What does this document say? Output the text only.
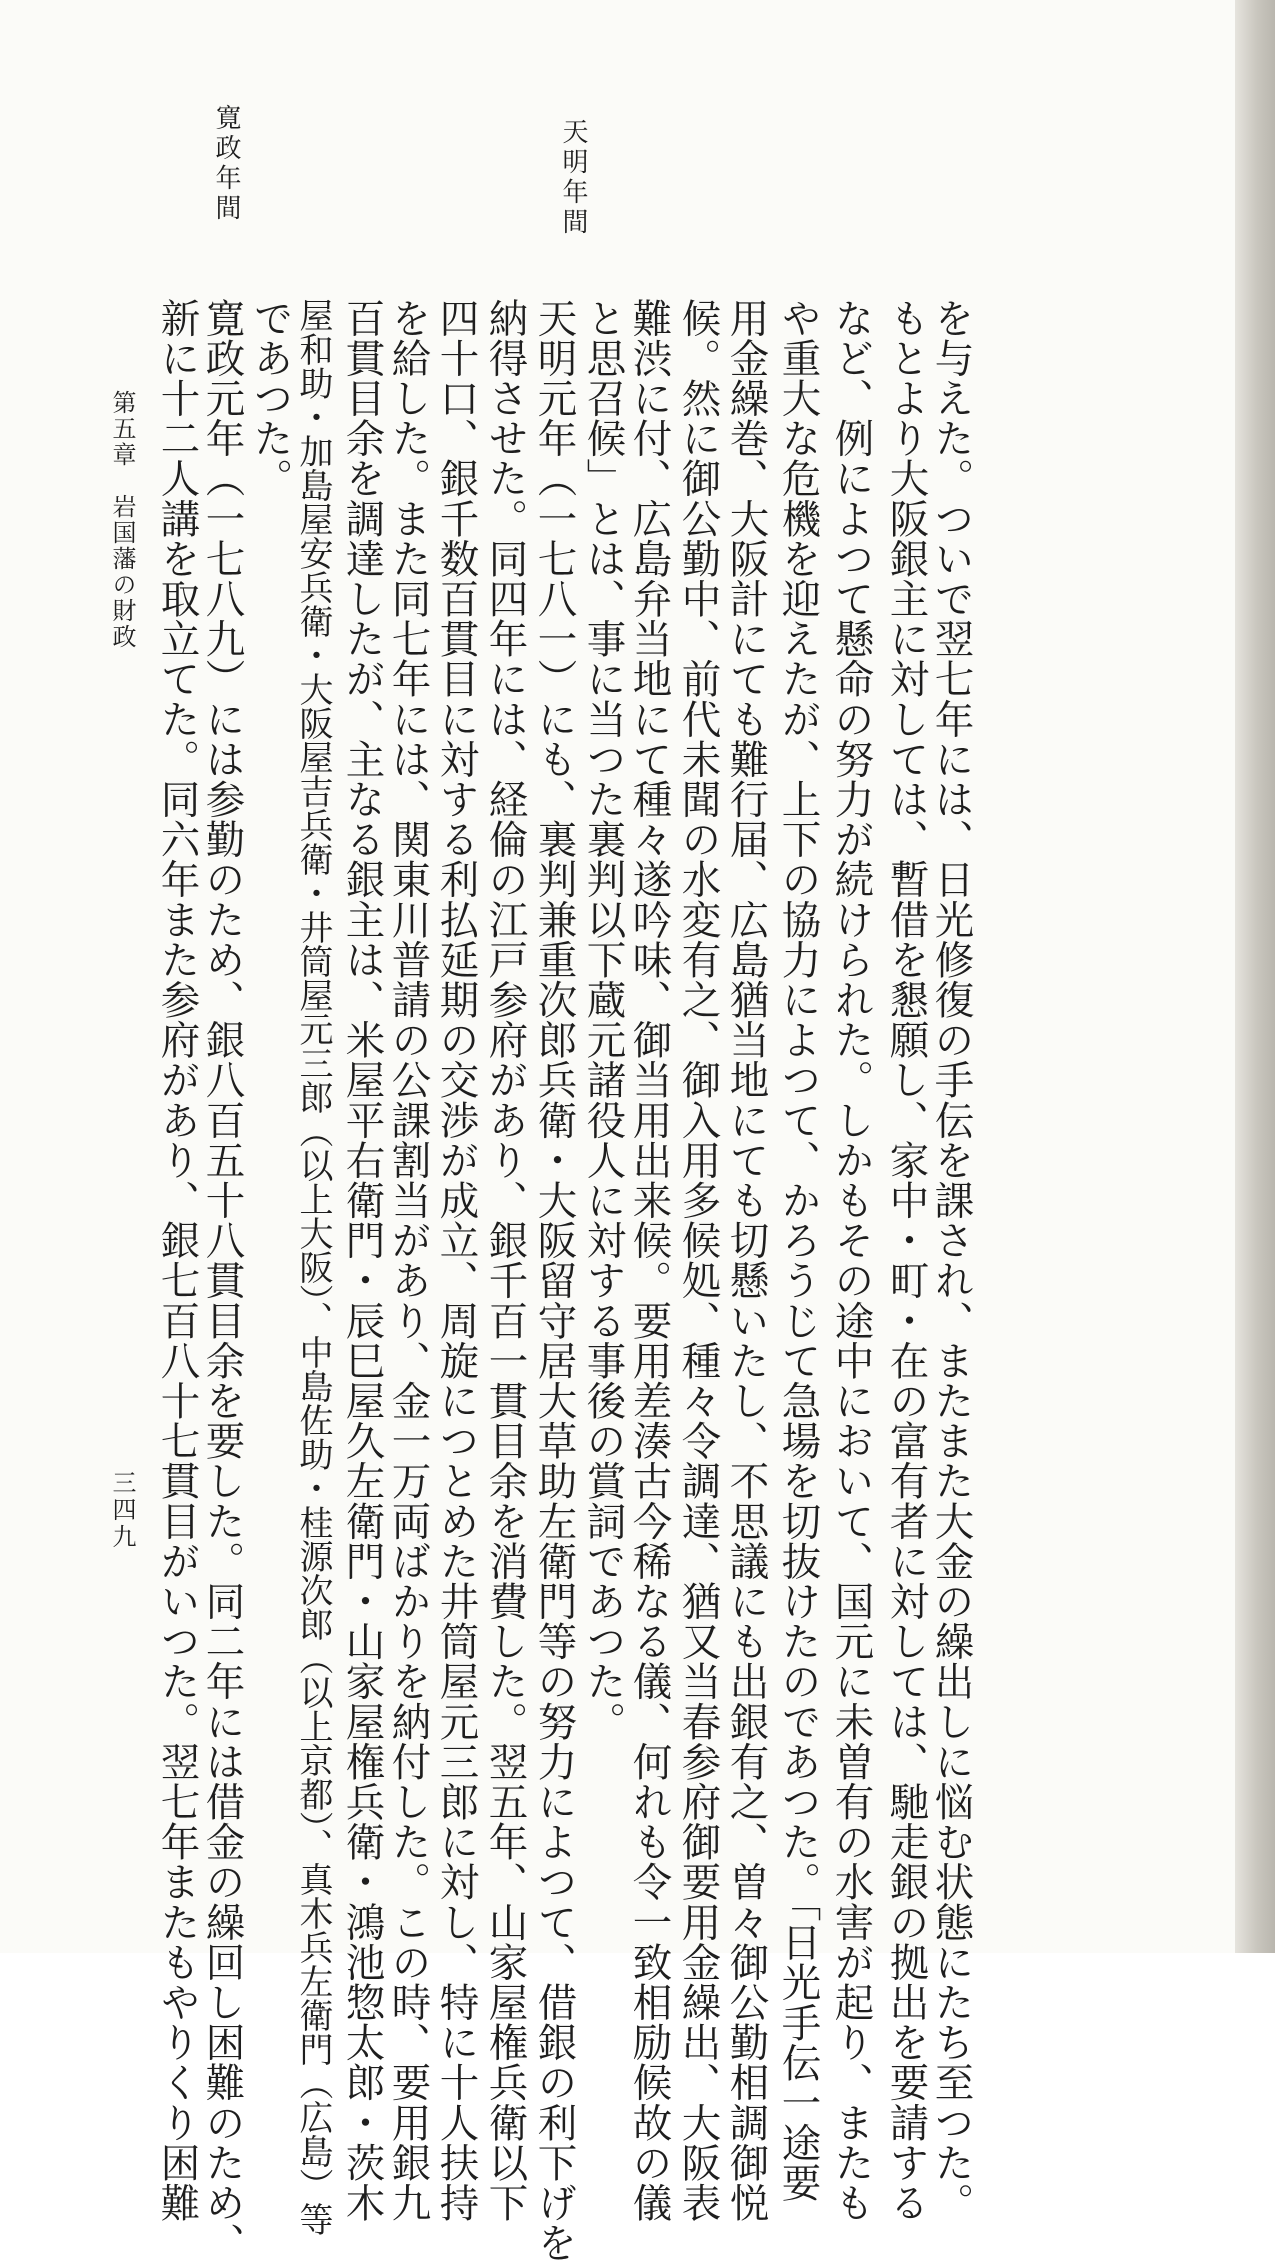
天明年間
寛政年間
を与えた。ついで翌七年には、日光修復の手伝を課され、またまた大金の繰出しに悩む状態にたち至つた。
もとより大阪銀主に対しては、暫借を懇願し、家中・町・在の富有者に対しては、馳走銀の拠出を要請する
など、例によつて懸命の努力が続けられた。しかもその途中において、国元に未曽有の水害が起り、またも
や重大な危機を迎えたが、上下の協力によつて、かろうじて急場を切抜けたのであつた。「日光手伝一途要
用金繰巻、大阪計にても難行届、広島猶当地にても切懸いたし、不思議にも出銀有之、曽々御公勤相調御悦
候。然に御公勤中、前代未聞の水変有之、御入用多候処、種々令調達、猶又当春参府御要用金繰出、大阪表
難渋に付、広島弁当地にて種々遂吟味、御当用出来候。要用差湊古今稀なる儀、何れも令一致相励候故の儀
と思召候」とは、事に当つた裏判以下蔵元諸役人に対する事後の賞詞であつた。
天明元年（一七八一）にも、裏判兼重次郎兵衛・大阪留守居大草助左衛門等の努力によつて、借銀の利下げを
納得させた。同四年には、経倫の江戸参府があり、銀千百一貫目余を消費した。翌五年、山家屋権兵衛以下
四十口、銀千数百貫目に対する利払延期の交渉が成立、周旋につとめた井筒屋元三郎に対し、特に十人扶持
を給した。また同七年には、関東川普請の公課割当があり、金一万両ばかりを納付した。この時、要用銀九
百貫目余を調達したが、主なる銀主は、米屋平右衛門・辰巳屋久左衛門・山家屋権兵衛・鴻池惣太郎・茨木
屋和助・加島屋安兵衛・大阪屋吉兵衛・井筒屋元三郎（以上大阪）、中島佐助・桂源次郎（以上京都）、真木兵左衛門（広島）等
であつた。
寛政元年（一七八九）には参勤のため、銀八百五十八貫目余を要した。同二年には借金の繰回し困難のため、
新に十二人講を取立てた。同六年また参府があり、銀七百八十七貫目がいつた。翌七年またもやりくり困難
第五章　岩国藩の財政
三四九
